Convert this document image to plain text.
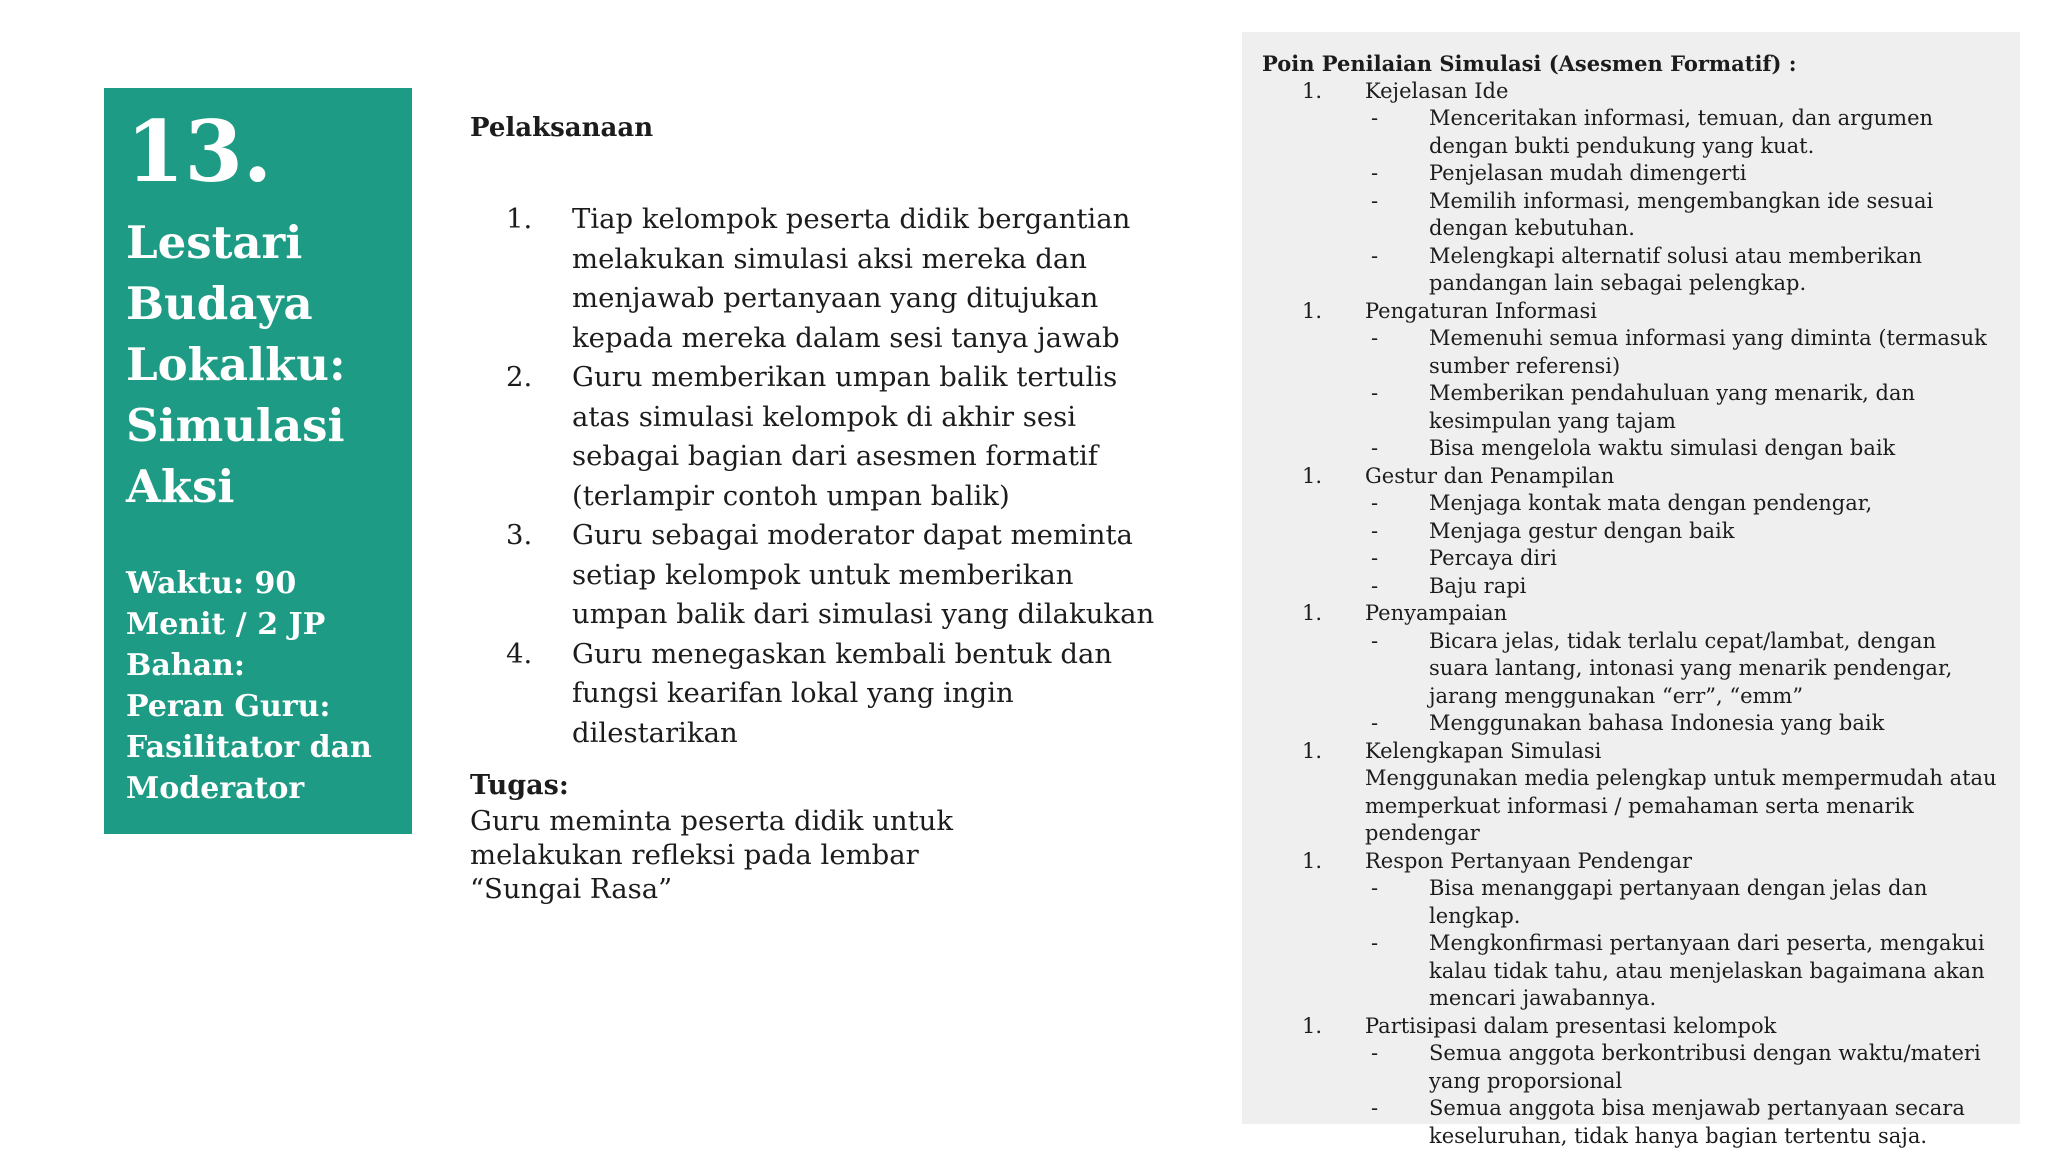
13.
Lestari
Budaya
Lokalku:
Simulasi
Aksi
Waktu: 90
Menit / 2 JP
Bahan:
Peran Guru:
Fasilitator dan
Moderator
Pelaksanaan
1.	Tiap kelompok peserta didik bergantian melakukan simulasi aksi mereka dan menjawab pertanyaan yang ditujukan kepada mereka dalam sesi tanya jawab
2.	Guru memberikan umpan balik tertulis atas simulasi kelompok di akhir sesi sebagai bagian dari asesmen formatif (terlampir contoh umpan balik)
3.	Guru sebagai moderator dapat meminta setiap kelompok untuk memberikan umpan balik dari simulasi yang dilakukan
4.	Guru menegaskan kembali bentuk dan fungsi kearifan lokal yang ingin dilestarikan
Tugas:
Guru meminta peserta didik untuk
melakukan refleksi pada lembar
“Sungai Rasa”
Poin Penilaian Simulasi (Asesmen Formatif) :
1.	Kejelasan Ide
-	Menceritakan informasi, temuan, dan argumen dengan bukti pendukung yang kuat.
-	Penjelasan mudah dimengerti
-	Memilih informasi, mengembangkan ide sesuai dengan kebutuhan.
-	Melengkapi alternatif solusi atau memberikan pandangan lain sebagai pelengkap.
1.	Pengaturan Informasi
-	Memenuhi semua informasi yang diminta (termasuk sumber referensi)
-	Memberikan pendahuluan yang menarik, dan kesimpulan yang tajam
-	Bisa mengelola waktu simulasi dengan baik
1.	Gestur dan Penampilan
-	Menjaga kontak mata dengan pendengar,
-	Menjaga gestur dengan baik
-	Percaya diri
-	Baju rapi
1.	Penyampaian
-	Bicara jelas, tidak terlalu cepat/lambat, dengan suara lantang, intonasi yang menarik pendengar, jarang menggunakan “err”, “emm”
-	Menggunakan bahasa Indonesia yang baik
1.	Kelengkapan Simulasi
Menggunakan media pelengkap untuk mempermudah atau memperkuat informasi / pemahaman serta menarik pendengar
1.	Respon Pertanyaan Pendengar
-	Bisa menanggapi pertanyaan dengan jelas dan lengkap.
-	Mengkonfirmasi pertanyaan dari peserta, mengakui kalau tidak tahu, atau menjelaskan bagaimana akan mencari jawabannya.
1.	Partisipasi dalam presentasi kelompok
-	Semua anggota berkontribusi dengan waktu/materi yang proporsional
-	Semua anggota bisa menjawab pertanyaan secara keseluruhan, tidak hanya bagian tertentu saja.
